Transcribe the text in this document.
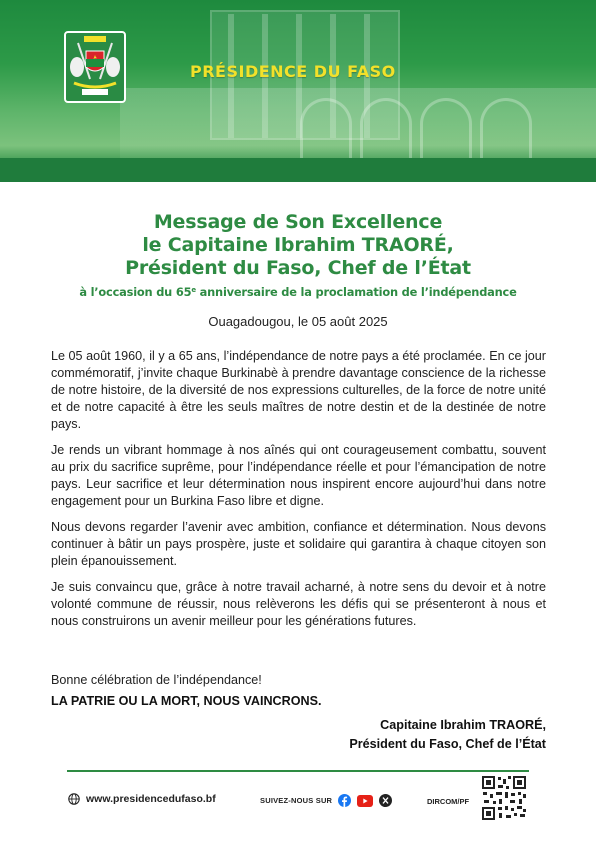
PRÉSIDENCE DU FASO
Message de Son Excellence
le Capitaine Ibrahim TRAORÉ,
Président du Faso, Chef de l’État
à l’occasion du 65e anniversaire de la proclamation de l’indépendance
Ouagadougou, le 05 août 2025

Le 05 août 1960, il y a 65 ans, l’indépendance de notre pays a été proclamée. En ce jour commémoratif, j’invite chaque Burkinabè à prendre davantage conscience de la richesse de notre histoire, de la diversité de nos expressions culturelles, de la force de notre unité et de notre capacité à être les seuls maîtres de notre destin et de la destinée de notre pays.

Je rends un vibrant hommage à nos aînés qui ont courageusement combattu, souvent au prix du sacrifice suprême, pour l’indépendance réelle et pour l’émancipation de notre pays. Leur sacrifice et leur détermination nous inspirent encore aujourd’hui dans notre engagement pour un Burkina Faso libre et digne.

Nous devons regarder l’avenir avec ambition, confiance et détermination. Nous devons continuer à bâtir un pays prospère, juste et solidaire qui garantira à chaque citoyen son plein épanouissement.

Je suis convaincu que, grâce à notre travail acharné, à notre sens du devoir et à notre volonté commune de réussir, nous relèverons les défis qui se présenteront à nous et nous construirons un avenir meilleur pour les générations futures.

Bonne célébration de l’indépendance!
LA PATRIE OU LA MORT, NOUS VAINCRONS.
Capitaine Ibrahim TRAORÉ,
Président du Faso, Chef de l’État
www.presidencedufaso.bf	SUIVEZ-NOUS SUR	DIRCOM/PF
